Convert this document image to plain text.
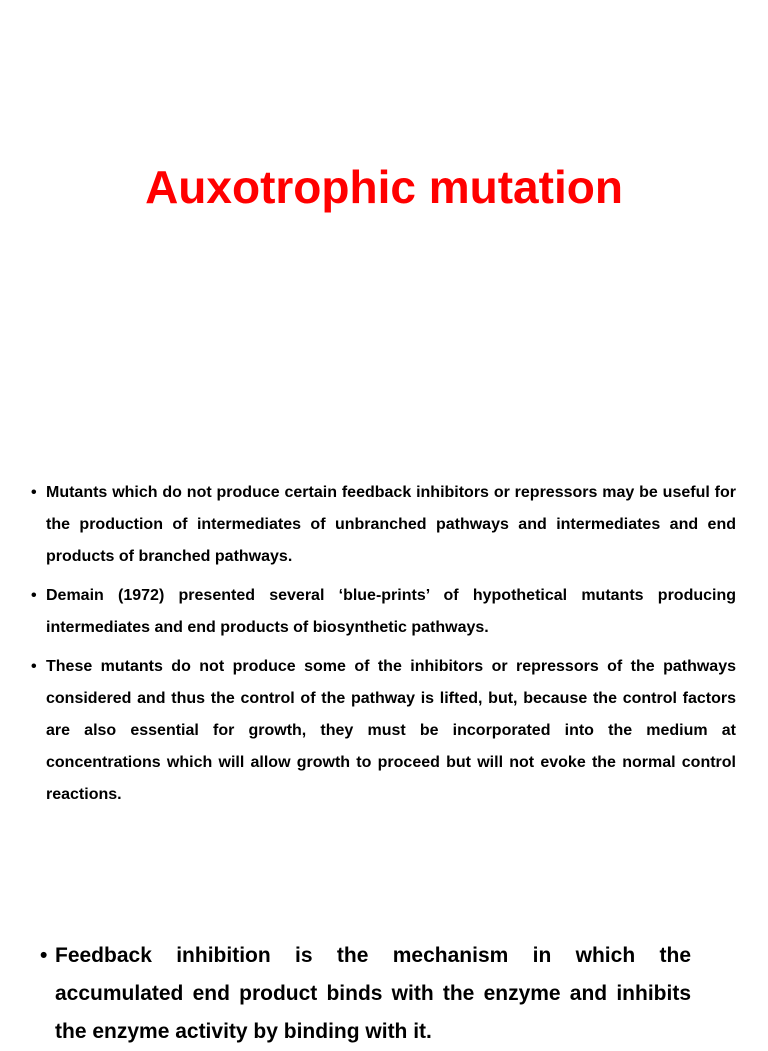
Auxotrophic mutation
• Mutants which do not produce certain feedback inhibitors or repressors may be useful for the production of intermediates of unbranched pathways and intermediates and end products of branched pathways.
• Demain (1972) presented several ‘blue-prints’ of hypothetical mutants producing intermediates and end products of biosynthetic pathways.
• These mutants do not produce some of the inhibitors or repressors of the pathways considered and thus the control of the pathway is lifted, but, because the control factors are also essential for growth, they must be incorporated into the medium at concentrations which will allow growth to proceed but will not evoke the normal control reactions.
• Feedback inhibition is the mechanism in which the accumulated end product binds with the enzyme and inhibits the enzyme activity by binding with it.
